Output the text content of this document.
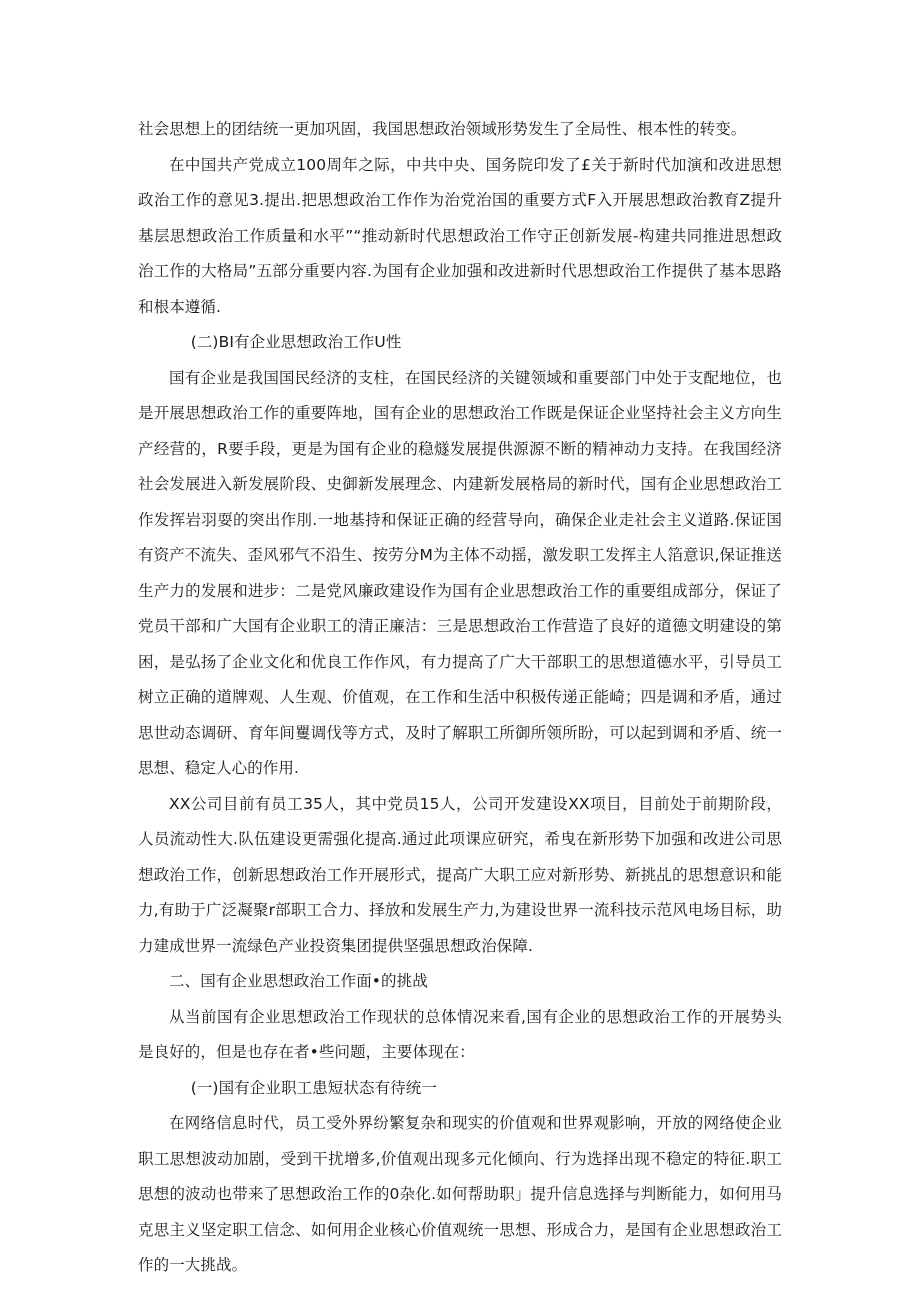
社会思想上的团结统一更加巩固，我国思想政治领域形势发生了全局性、根本性的转变。

在中国共产党成立100周年之际，中共中央、国务院印发了£关于新时代加演和改进思想政治工作的意见3.提出.把思想政治工作作为治党治国的重要方式F入开展思想政治教育Z提升基层思想政治工作质量和水平”“推动新时代思想政治工作守正创新发展-构建共同推进思想政治工作的大格局”五部分重要内容.为国有企业加强和改进新时代思想政治工作提供了基本思路和根本遵循.

(二)BI有企业思想政治工作U性

国有企业是我国国民经济的支柱，在国民经济的关键领域和重要部门中处于支配地位，也是开展思想政治工作的重要阵地，国有企业的思想政治工作既是保证企业坚持社会主义方向生产经营的，R要手段，更是为国有企业的稳燧发展提供源源不断的精神动力支持。在我国经济社会发展进入新发展阶段、史御新发展理念、内建新发展格局的新时代，国有企业思想政治工作发挥岩羽耍的突出作刖.一地基持和保证正确的经营导向，确保企业走社会主义道路.保证国有资产不流失、歪风邪气不沿生、按劳分M为主体不动摇，激发职工发挥主人箔意识,保证推送生产力的发展和进步：二是党风廉政建设作为国有企业思想政治工作的重要组成部分，保证了党员干部和广大国有企业职工的清正廉洁：三是思想政治工作营造了良好的道德文明建设的第困，是弘扬了企业文化和优良工作作风，有力提高了广大干部职工的思想道德水平，引导员工树立正确的道牌观、人生观、价值观，在工作和生活中积极传递正能崎；四是调和矛盾，通过思世动态调研、育年间矍调伐等方式，及时了解职工所御所领所盼，可以起到调和矛盾、统一思想、稳定人心的作用.

XX公司目前有员工35人，其中党员15人，公司开发建设XX项目，目前处于前期阶段，人员流动性大.队伍建设更需强化提高.通过此项课应研究，希曳在新形势下加强和改进公司思想政治工作，创新思想政治工作开展形式，提高广大职工应对新形势、新挑乩的思想意识和能力,有助于广泛凝聚r部职工合力、择放和发展生产力,为建设世界一流科技示范风电场目标，助力建成世界一流绿色产业投资集团提供坚强思想政治保障.

二、国有企业思想政治工作面•的挑战

从当前国有企业思想政治工作现状的总体情况来看,国有企业的思想政治工作的开展势头是良好的，但是也存在者•些问题，主要体现在：

(一)国有企业职工患短状态有待统一

在网络信息时代，员工受外界纷繁复杂和现实的价值观和世界观影响，开放的网络使企业职工思想波动加剧，受到干扰增多,价值观出现多元化倾向、行为选择出现不稳定的特征.职工思想的波动也带来了思想政治工作的0杂化.如何帮助职」提升信息选择与判断能力，如何用马克思主义坚定职工信念、如何用企业核心价值观统一思想、形成合力，是国有企业思想政治工作的一大挑战。
